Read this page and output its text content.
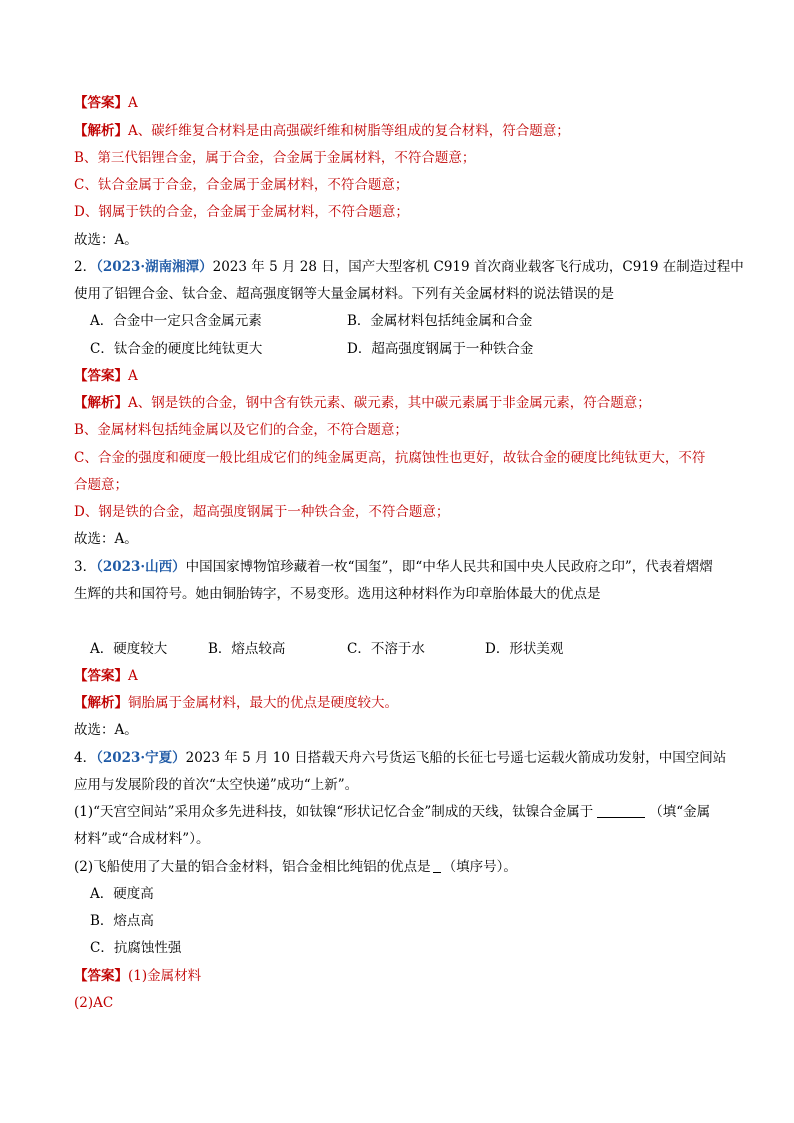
【答案】A
【解析】A、碳纤维复合材料是由高强碳纤维和树脂等组成的复合材料，符合题意；
B、第三代铝锂合金，属于合金，合金属于金属材料，不符合题意；
C、钛合金属于合金，合金属于金属材料，不符合题意；
D、钢属于铁的合金，合金属于金属材料，不符合题意；
故选：A。
2．（2023·湖南湘潭）2023 年 5 月 28 日，国产大型客机 C919 首次商业载客飞行成功，C919 在制造过程中
使用了铝锂合金、钛合金、超高强度钢等大量金属材料。下列有关金属材料的说法错误的是
A．合金中一定只含金属元素	B．金属材料包括纯金属和合金
C．钛合金的硬度比纯钛更大	D．超高强度钢属于一种铁合金
【答案】A
【解析】A、钢是铁的合金，钢中含有铁元素、碳元素，其中碳元素属于非金属元素，符合题意；
B、金属材料包括纯金属以及它们的合金，不符合题意；
C、合金的强度和硬度一般比组成它们的纯金属更高，抗腐蚀性也更好，故钛合金的硬度比纯钛更大，不符
合题意；
D、钢是铁的合金，超高强度钢属于一种铁合金，不符合题意；
故选：A。
3．（2023·山西）中国国家博物馆珍藏着一枚“国玺”，即“中华人民共和国中央人民政府之印”，代表着熠熠
生辉的共和国符号。她由铜胎铸字，不易变形。选用这种材料作为印章胎体最大的优点是
A．硬度较大	B．熔点较高	C．不溶于水	D．形状美观
【答案】A
【解析】铜胎属于金属材料，最大的优点是硬度较大。
故选：A。
4．（2023·宁夏）2023 年 5 月 10 日搭载天舟六号货运飞船的长征七号遥七运载火箭成功发射，中国空间站
应用与发展阶段的首次“太空快递”成功“上新”。
(1)“天宫空间站”采用众多先进科技，如钛镍“形状记忆合金”制成的天线，钛镍合金属于	（填“金属
材料”或“合成材料”）。
(2)飞船使用了大量的铝合金材料，铝合金相比纯铝的优点是 （填序号）。
A．硬度高
B．熔点高
C．抗腐蚀性强
【答案】(1)金属材料
(2)AC
